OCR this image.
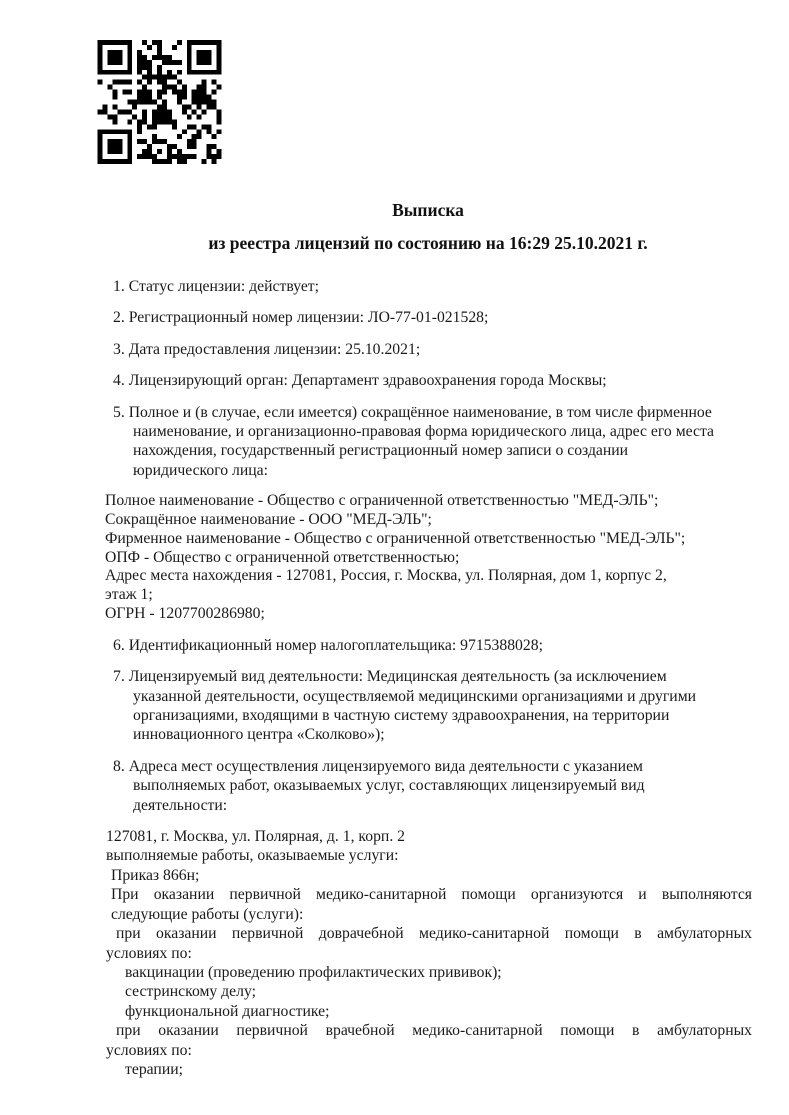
Выписка
из реестра лицензий по состоянию на 16:29 25.10.2021 г.
1. Статус лицензии: действует;
2. Регистрационный номер лицензии: ЛО-77-01-021528;
3. Дата предоставления лицензии: 25.10.2021;
4. Лицензирующий орган: Департамент здравоохранения города Москвы;
5. Полное и (в случае, если имеется) сокращённое наименование, в том числе фирменное
наименование, и организационно-правовая форма юридического лица, адрес его места
нахождения, государственный регистрационный номер записи о создании
юридического лица:
Полное наименование - Общество с ограниченной ответственностью "МЕД-ЭЛЬ";
Сокращённое наименование - ООО "МЕД-ЭЛЬ";
Фирменное наименование - Общество с ограниченной ответственностью "МЕД-ЭЛЬ";
ОПФ - Общество с ограниченной ответственностью;
Адрес места нахождения - 127081, Россия, г. Москва, ул. Полярная, дом 1, корпус 2,
этаж 1;
ОГРН - 1207700286980;
6. Идентификационный номер налогоплательщика: 9715388028;
7. Лицензируемый вид деятельности: Медицинская деятельность (за исключением
указанной деятельности, осуществляемой медицинскими организациями и другими
организациями, входящими в частную систему здравоохранения, на территории
инновационного центра «Сколково»);
8. Адреса мест осуществления лицензируемого вида деятельности с указанием
выполняемых работ, оказываемых услуг, составляющих лицензируемый вид
деятельности:
127081, г. Москва, ул. Полярная, д. 1, корп. 2
выполняемые работы, оказываемые услуги:
Приказ 866н;
При оказании первичной медико-санитарной помощи организуются и выполняются
следующие работы (услуги):
при оказании первичной доврачебной медико-санитарной помощи в амбулаторных
условиях по:
вакцинации (проведению профилактических прививок);
сестринскому делу;
функциональной диагностике;
при оказании первичной врачебной медико-санитарной помощи в амбулаторных
условиях по:
терапии;
